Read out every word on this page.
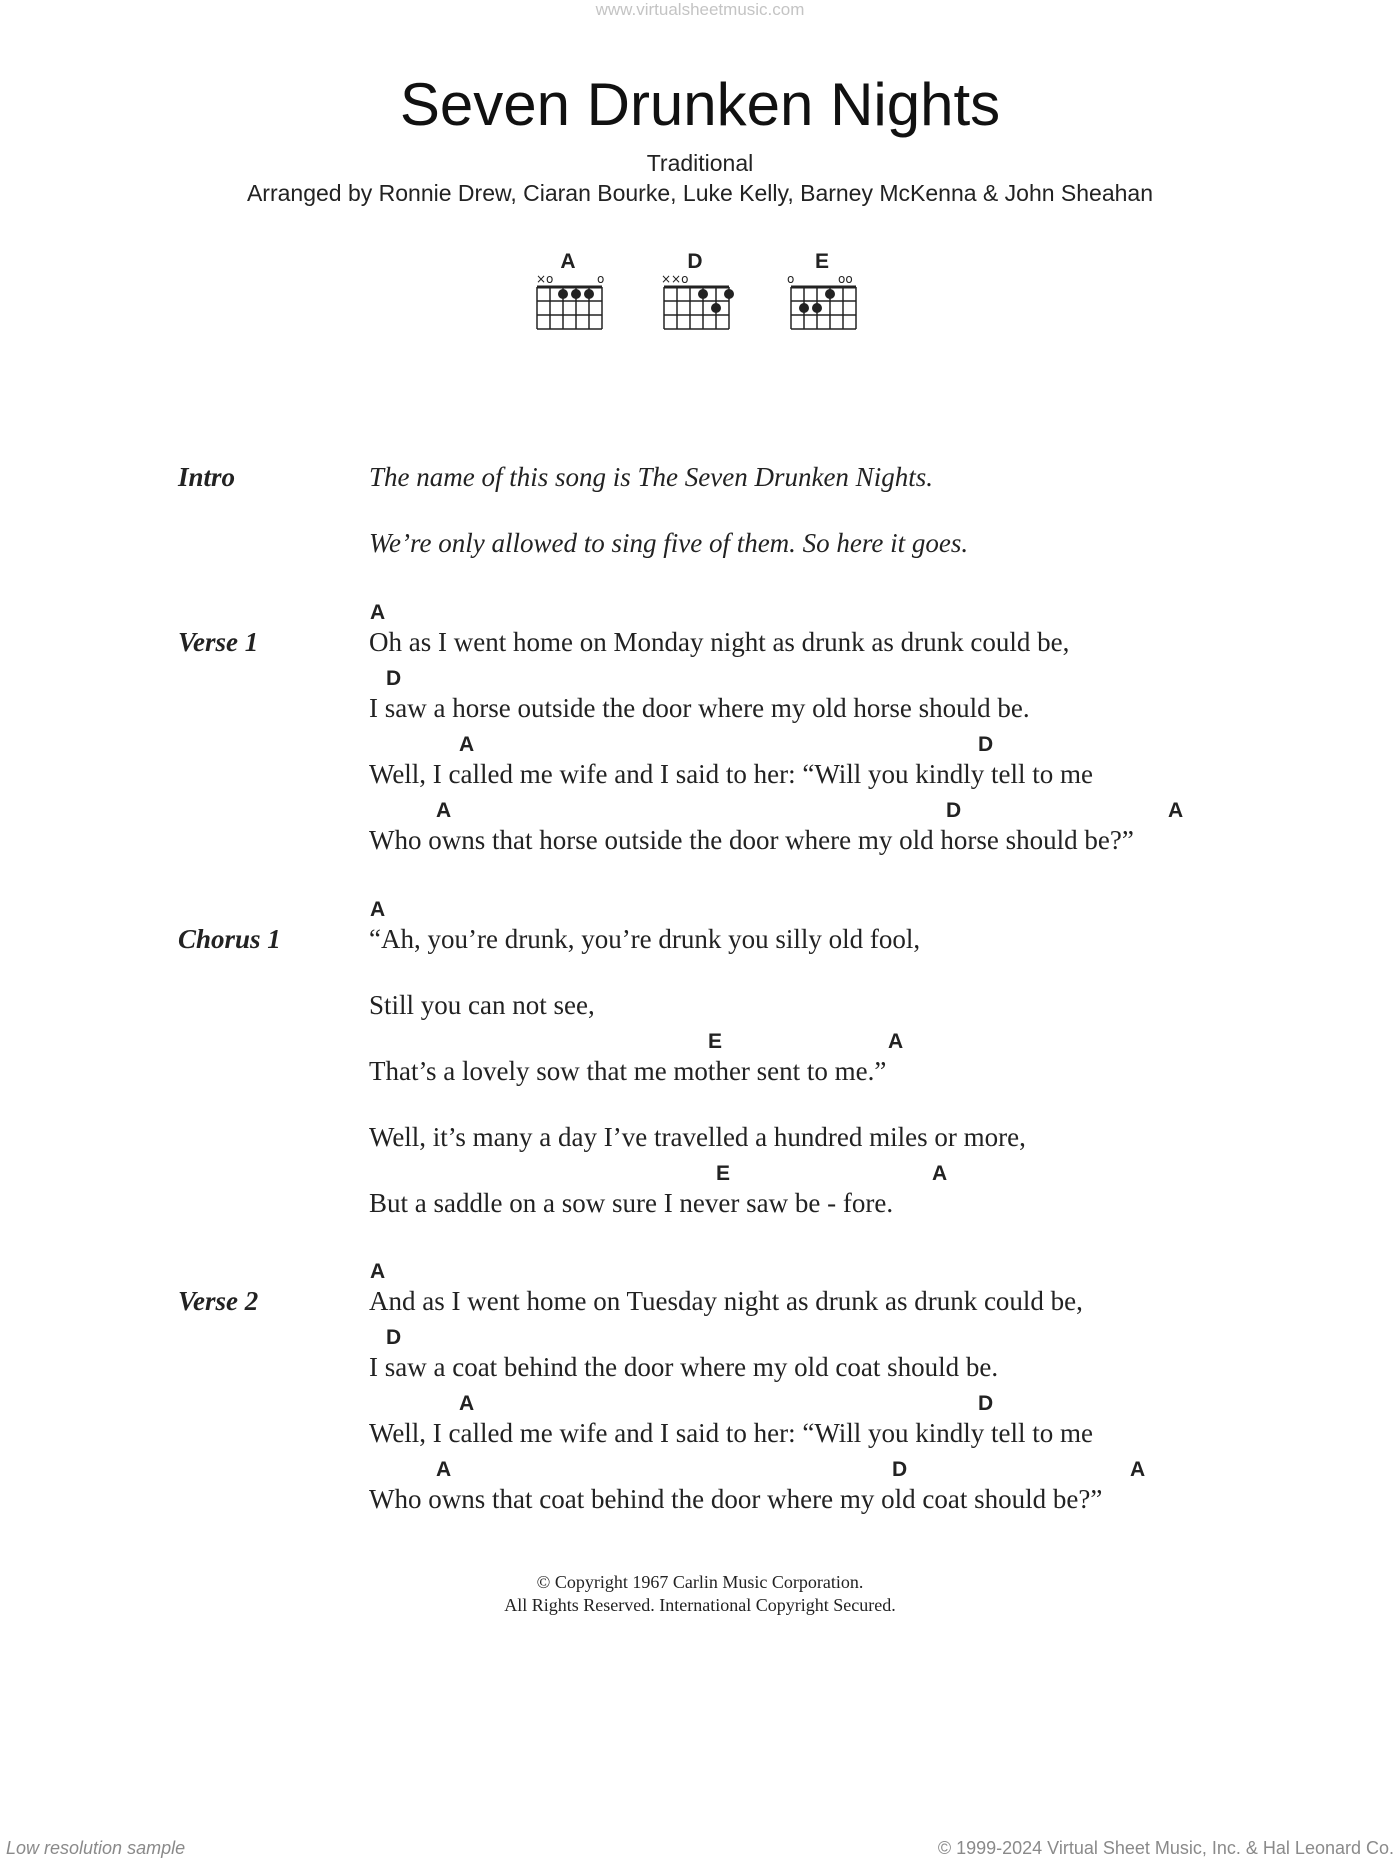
www.virtualsheetmusic.com
Seven Drunken Nights
Traditional
Arranged by Ronnie Drew, Ciaran Bourke, Luke Kelly, Barney McKenna & John Sheahan
A
×o	o
D
××o
E
o	oo
Intro	The name of this song is The Seven Drunken Nights.
We’re only allowed to sing five of them. So here it goes.
Verse 1
A
Oh as I went home on Monday night as drunk as drunk could be,
D
I saw a horse outside the door where my old horse should be.
A	D
Well, I called me wife and I said to her: “Will you kindly tell to me
A	D	A
Who owns that horse outside the door where my old horse should be?”
Chorus 1
A
“Ah, you’re drunk, you’re drunk you silly old fool,
Still you can not see,
E	A
That’s a lovely sow that me mother sent to me.”
Well, it’s many a day I’ve travelled a hundred miles or more,
E	A
But a saddle on a sow sure I never saw be - fore.
Verse 2
A
And as I went home on Tuesday night as drunk as drunk could be,
D
I saw a coat behind the door where my old coat should be.
A	D
Well, I called me wife and I said to her: “Will you kindly tell to me
A	D	A
Who owns that coat behind the door where my old coat should be?”
© Copyright 1967 Carlin Music Corporation.
All Rights Reserved. International Copyright Secured.
Low resolution sample	© 1999-2024 Virtual Sheet Music, Inc. & Hal Leonard Co.
